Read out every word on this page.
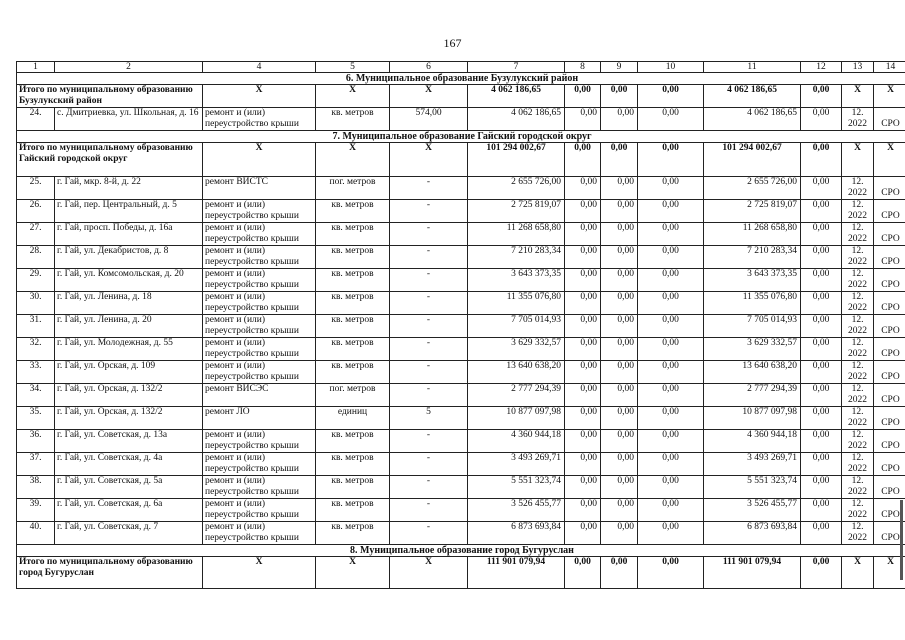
167
1	2	4	5	6	7	8	9	10	11	12	13	14
6. Муниципальное образование Бузулукский район												
Итого по муниципальному образованию Бузулукский район		X	X	X	4 062 186,65	0,00	0,00	0,00	4 062 186,65	0,00	X	X
24.	с. Дмитриевка, ул. Школьная, д. 16	ремонт и (или) переустройство крыши	кв. метров	574,00	4 062 186,65	0,00	0,00	0,00	4 062 186,65	0,00	12. 2022	СРО
7. Муниципальное образование Гайский городской округ												
Итого по муниципальному образованию Гайский городской округ		X	X	X	101 294 002,67	0,00	0,00	0,00	101 294 002,67	0,00	X	X
25.	г. Гай, мкр. 8-й, д. 22	ремонт ВИСТС	пог. метров	-	2 655 726,00	0,00	0,00	0,00	2 655 726,00	0,00	12. 2022	СРО
26.	г. Гай, пер. Центральный, д. 5	ремонт и (или) переустройство крыши	кв. метров	-	2 725 819,07	0,00	0,00	0,00	2 725 819,07	0,00	12. 2022	СРО
27.	г. Гай, просп. Победы, д. 16а	ремонт и (или) переустройство крыши	кв. метров	-	11 268 658,80	0,00	0,00	0,00	11 268 658,80	0,00	12. 2022	СРО
28.	г. Гай, ул. Декабристов, д. 8	ремонт и (или) переустройство крыши	кв. метров	-	7 210 283,34	0,00	0,00	0,00	7 210 283,34	0,00	12. 2022	СРО
29.	г. Гай, ул. Комсомольская, д. 20	ремонт и (или) переустройство крыши	кв. метров	-	3 643 373,35	0,00	0,00	0,00	3 643 373,35	0,00	12. 2022	СРО
30.	г. Гай, ул. Ленина, д. 18	ремонт и (или) переустройство крыши	кв. метров	-	11 355 076,80	0,00	0,00	0,00	11 355 076,80	0,00	12. 2022	СРО
31.	г. Гай, ул. Ленина, д. 20	ремонт и (или) переустройство крыши	кв. метров	-	7 705 014,93	0,00	0,00	0,00	7 705 014,93	0,00	12. 2022	СРО
32.	г. Гай, ул. Молодежная, д. 55	ремонт и (или) переустройство крыши	кв. метров	-	3 629 332,57	0,00	0,00	0,00	3 629 332,57	0,00	12. 2022	СРО
33.	г. Гай, ул. Орская, д. 109	ремонт и (или) переустройство крыши	кв. метров	-	13 640 638,20	0,00	0,00	0,00	13 640 638,20	0,00	12. 2022	СРО
34.	г. Гай, ул. Орская, д. 132/2	ремонт ВИСЭС	пог. метров	-	2 777 294,39	0,00	0,00	0,00	2 777 294,39	0,00	12. 2022	СРО
35.	г. Гай, ул. Орская, д. 132/2	ремонт ЛО	единиц	5	10 877 097,98	0,00	0,00	0,00	10 877 097,98	0,00	12. 2022	СРО
36.	г. Гай, ул. Советская, д. 13а	ремонт и (или) переустройство крыши	кв. метров	-	4 360 944,18	0,00	0,00	0,00	4 360 944,18	0,00	12. 2022	СРО
37.	г. Гай, ул. Советская, д. 4а	ремонт и (или) переустройство крыши	кв. метров	-	3 493 269,71	0,00	0,00	0,00	3 493 269,71	0,00	12. 2022	СРО
38.	г. Гай, ул. Советская, д. 5а	ремонт и (или) переустройство крыши	кв. метров	-	5 551 323,74	0,00	0,00	0,00	5 551 323,74	0,00	12. 2022	СРО
39.	г. Гай, ул. Советская, д. 6а	ремонт и (или) переустройство крыши	кв. метров	-	3 526 455,77	0,00	0,00	0,00	3 526 455,77	0,00	12. 2022	СРО
40.	г. Гай, ул. Советская, д. 7	ремонт и (или) переустройство крыши	кв. метров	-	6 873 693,84	0,00	0,00	0,00	6 873 693,84	0,00	12. 2022	СРО
8. Муниципальное образование город Бугуруслан												
Итого по муниципальному образованию город Бугуруслан		X	X	X	111 901 079,94	0,00	0,00	0,00	111 901 079,94	0,00	X	X
